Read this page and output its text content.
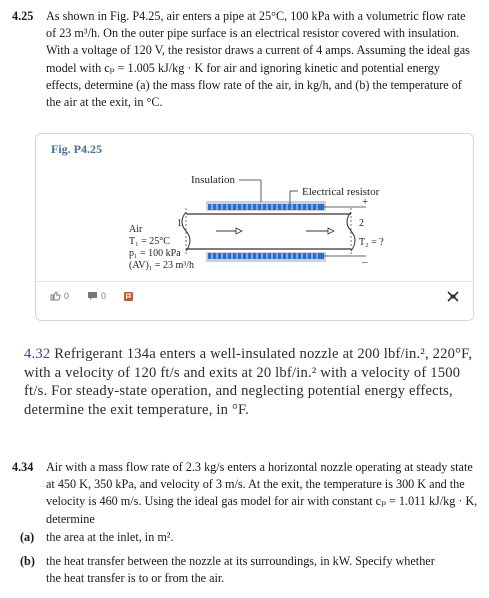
4.25 As shown in Fig. P4.25, air enters a pipe at 25°C, 100 kPa with a volumetric flow rate of 23 m³/h. On the outer pipe surface is an electrical resistor covered with insulation. With a voltage of 120 V, the resistor draws a current of 4 amps. Assuming the ideal gas model with cₚ = 1.005 kJ/kg · K for air and ignoring kinetic and potential energy effects, determine (a) the mass flow rate of the air, in kg/h, and (b) the temperature of the air at the exit, in °C.
Fig. P4.25
Insulation
Electrical resistor
+
–
1	2
Air
T₁ = 25°C
p₁ = 100 kPa
(AV)₁ = 23 m³/h
T₂ = ?
0	0
4.32 Refrigerant 134a enters a well-insulated nozzle at 200 lbf/in.², 220°F, with a velocity of 120 ft/s and exits at 20 lbf/in.² with a velocity of 1500 ft/s. For steady-state operation, and neglecting potential energy effects, determine the exit temperature, in °F.
4.34 Air with a mass flow rate of 2.3 kg/s enters a horizontal nozzle operating at steady state at 450 K, 350 kPa, and velocity of 3 m/s. At the exit, the temperature is 300 K and the velocity is 460 m/s. Using the ideal gas model for air with constant cₚ = 1.011 kJ/kg · K, determine
(a) the area at the inlet, in m².
(b) the heat transfer between the nozzle at its surroundings, in kW. Specify whether the heat transfer is to or from the air.
